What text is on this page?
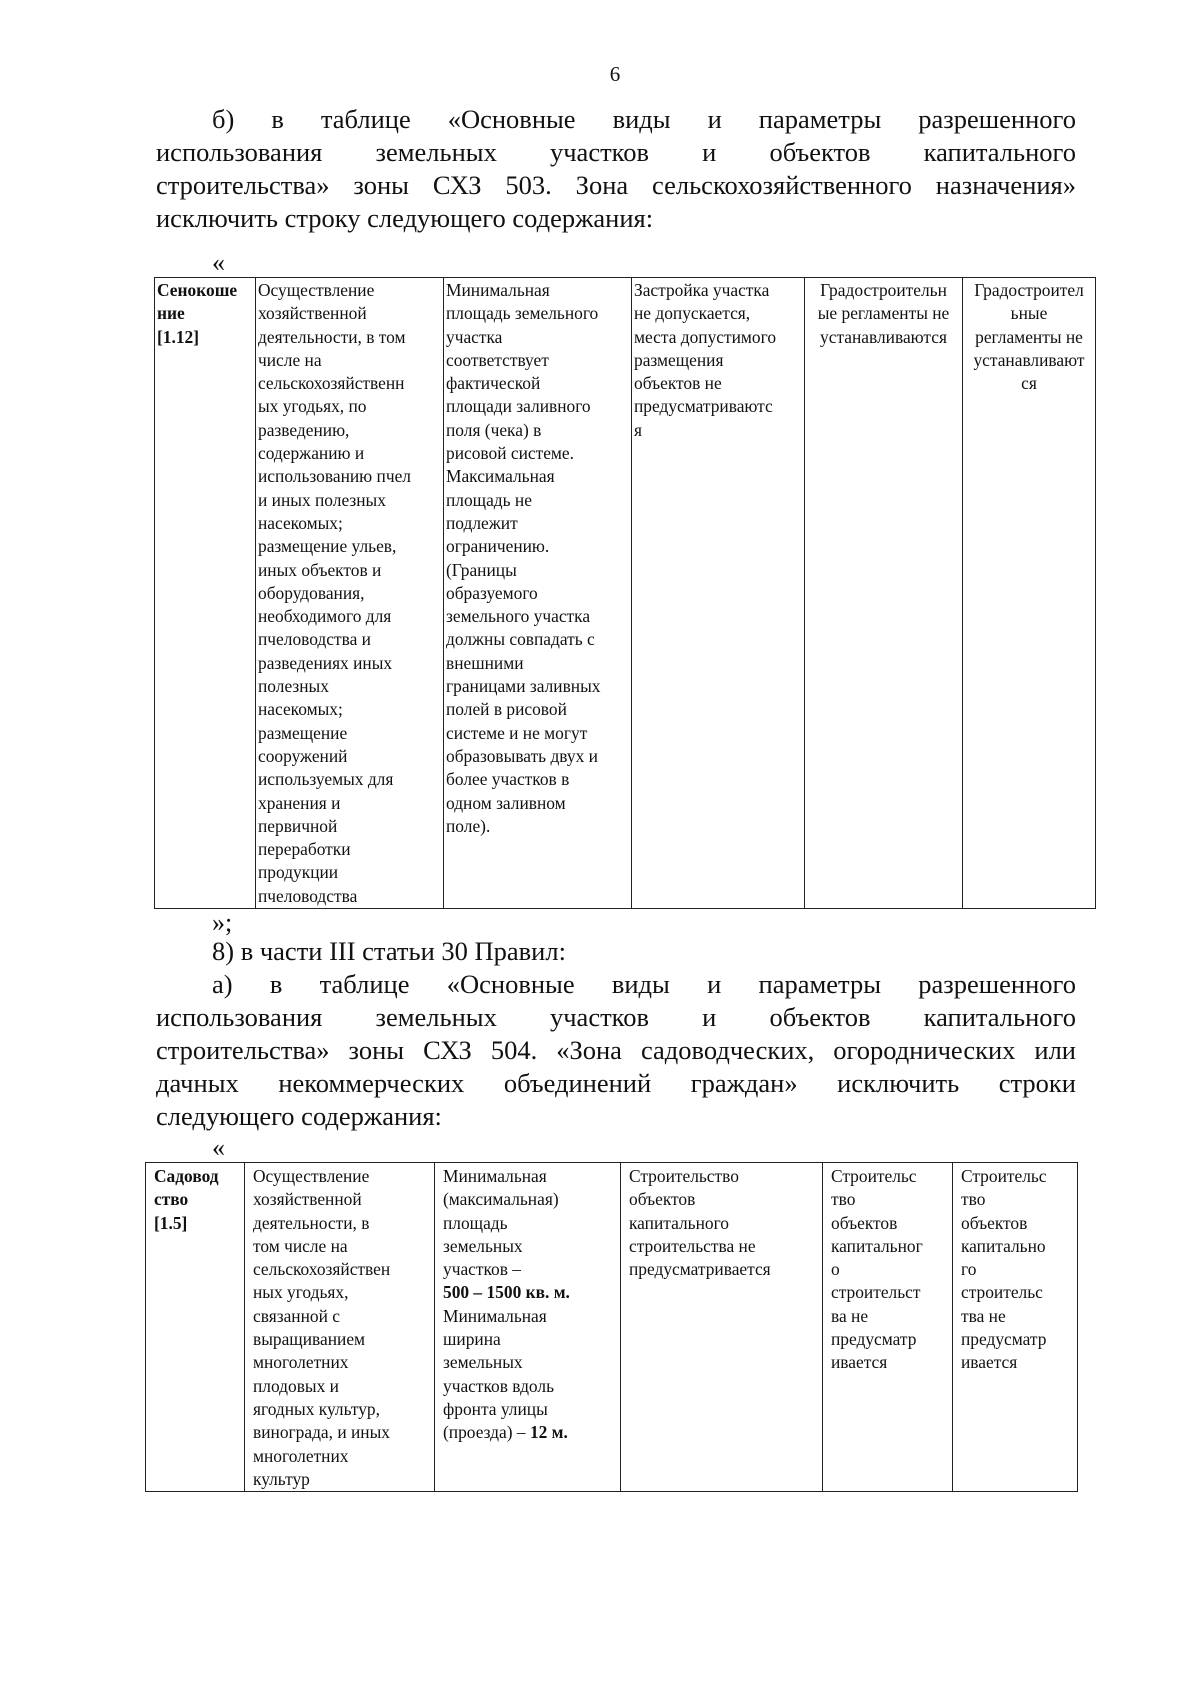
6
б) в таблице «Основные виды и параметры разрешенного
использования земельных участков и объектов капитального
строительства» зоны СХЗ 503. Зона сельскохозяйственного назначения»
исключить строку следующего содержания:
«
Сенокоше
ние
[1.12]

Осуществление
хозяйственной
деятельности, в том
числе на
сельскохозяйственн
ых угодьях, по
разведению,
содержанию и
использованию пчел
и иных полезных
насекомых;
размещение ульев,
иных объектов и
оборудования,
необходимого для
пчеловодства и
разведениях иных
полезных
насекомых;
размещение
сооружений
используемых для
хранения и
первичной
переработки
продукции
пчеловодства

Минимальная
площадь земельного
участка
соответствует
фактической
площади заливного
поля (чека) в
рисовой системе.
Максимальная
площадь не
подлежит
ограничению.
(Границы
образуемого
земельного участка
должны совпадать с
внешними
границами заливных
полей в рисовой
системе и не могут
образовывать двух и
более участков в
одном заливном
поле).

Застройка участка
не допускается,
места допустимого
размещения
объектов не
предусматриваютс
я

Градостроительн
ые регламенты не
устанавливаются

Градостроител
ьные
регламенты не
устанавливают
ся
»;
8) в части III статьи 30 Правил:
а) в таблице «Основные виды и параметры разрешенного
использования земельных участков и объектов капитального
строительства» зоны СХЗ 504. «Зона садоводческих, огороднических или
дачных некоммерческих объединений граждан» исключить строки
следующего содержания:
«
Садовод
ство
[1.5]

Осуществление
хозяйственной
деятельности, в
том числе на
сельскохозяйствен
ных угодьях,
связанной с
выращиванием
многолетних
плодовых и
ягодных культур,
винограда, и иных
многолетних
культур

Минимальная
(максимальная)
площадь
земельных
участков –
500 – 1500 кв. м.
Минимальная
ширина
земельных
участков вдоль
фронта улицы
(проезда) – 12 м.

Строительство
объектов
капитального
строительства не
предусматривается

Строительс
тво
объектов
капитальног
о
строительст
ва не
предусматр
ивается

Строительс
тво
объектов
капитально
го
строительс
тва не
предусматр
ивается
